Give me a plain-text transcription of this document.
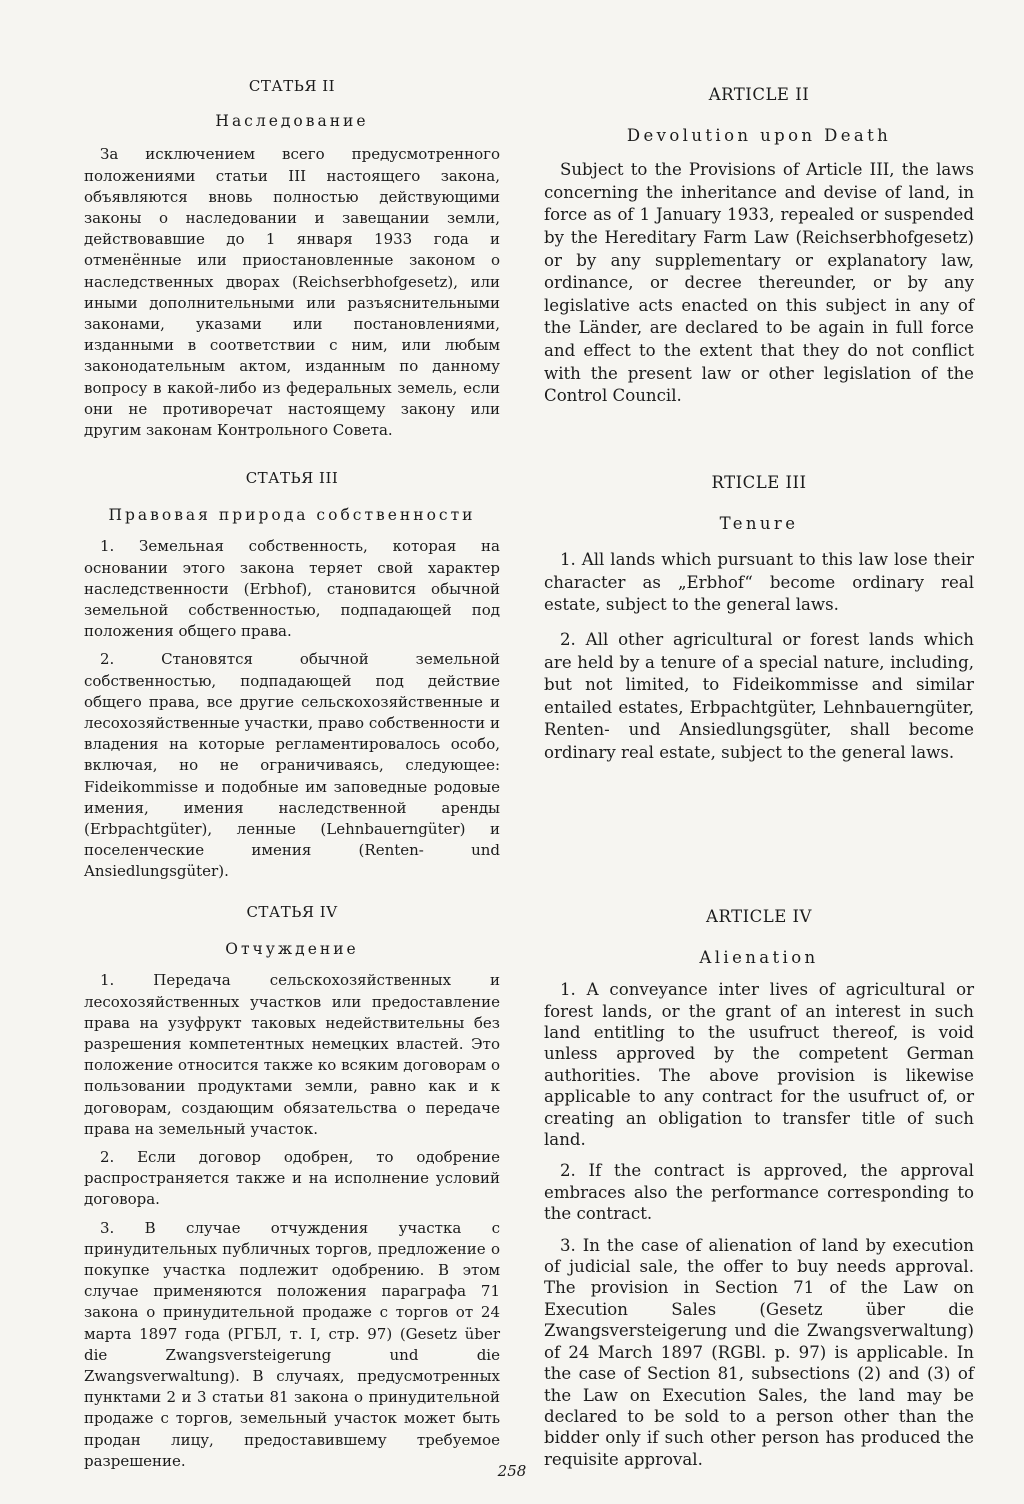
СТАТЬЯ II
Наследование

За исключением всего предусмотренного положениями статьи III настоящего закона, объявляются вновь полностью действующими законы о наследовании и завещании земли, действовавшие до 1 января 1933 года и отменённые или приостановленные законом о наследственных дворах (Reichserbhofgesetz), или иными дополнительными или разъяснительными законами, указами или постановлениями, изданными в соответствии с ним, или любым законодательным актом, изданным по данному вопросу в какой-либо из федеральных земель, если они не противоречат настоящему закону или другим законам Контрольного Совета.

СТАТЬЯ III
Правовая природа собственности

1. Земельная собственность, которая на основании этого закона теряет свой характер наследственности (Erbhof), становится обычной земельной собственностью, подпадающей под положения общего права.

2. Становятся обычной земельной собственностью, подпадающей под действие общего права, все другие сельскохозяйственные и лесохозяйственные участки, право собственности и владения на которые регламентировалось особо, включая, но не ограничиваясь, следующее: Fideikommisse и подобные им заповедные родовые имения, имения наследственной аренды (Erbpachtgüter), ленные (Lehnbauerngüter) и поселенческие имения (Renten- und Ansiedlungsgüter).

СТАТЬЯ IV
Отчуждение

1. Передача сельскохозяйственных и лесохозяйственных участков или предоставление права на узуфрукт таковых недействительны без разрешения компетентных немецких властей. Это положение относится также ко всяким договорам о пользовании продуктами земли, равно как и к договорам, создающим обязательства о передаче права на земельный участок.

2. Если договор одобрен, то одобрение распространяется также и на исполнение условий договора.

3. В случае отчуждения участка с принудительных публичных торгов, предложение о покупке участка подлежит одобрению. В этом случае применяются положения параграфа 71 закона о принудительной продаже с торгов от 24 марта 1897 года (РГБЛ, т. I, стр. 97) (Gesetz über die Zwangsversteigerung und die Zwangsverwaltung). В случаях, предусмотренных пунктами 2 и 3 статьи 81 закона о принудительной продаже с торгов, земельный участок может быть продан лицу, предоставившему требуемое разрешение.

ARTICLE II
Devolution upon Death

Subject to the Provisions of Article III, the laws concerning the inheritance and devise of land, in force as of 1 January 1933, repealed or suspended by the Hereditary Farm Law (Reichserbhofgesetz) or by any supplementary or explanatory law, ordinance, or decree thereunder, or by any legislative acts enacted on this subject in any of the Länder, are declared to be again in full force and effect to the extent that they do not conflict with the present law or other legislation of the Control Council.

RTICLE III
Tenure

1. All lands which pursuant to this law lose their character as „Erbhof“ become ordinary real estate, subject to the general laws.

2. All other agricultural or forest lands which are held by a tenure of a special nature, including, but not limited, to Fideikommisse and similar entailed estates, Erbpachtgüter, Lehnbauerngüter, Renten- und Ansiedlungsgüter, shall become ordinary real estate, subject to the general laws.

ARTICLE IV
Alienation

1. A conveyance inter lives of agricultural or forest lands, or the grant of an interest in such land entitling to the usufruct thereof, is void unless approved by the competent German authorities. The above provision is likewise applicable to any contract for the usufruct of, or creating an obligation to transfer title of such land.

2. If the contract is approved, the approval embraces also the performance corresponding to the contract.

3. In the case of alienation of land by execution of judicial sale, the offer to buy needs approval. The provision in Section 71 of the Law on Execution Sales (Gesetz über die Zwangsversteigerung und die Zwangsverwaltung) of 24 March 1897 (RGBl. p. 97) is applicable. In the case of Section 81, subsections (2) and (3) of the Law on Execution Sales, the land may be declared to be sold to a person other than the bidder only if such other person has produced the requisite approval.

258
